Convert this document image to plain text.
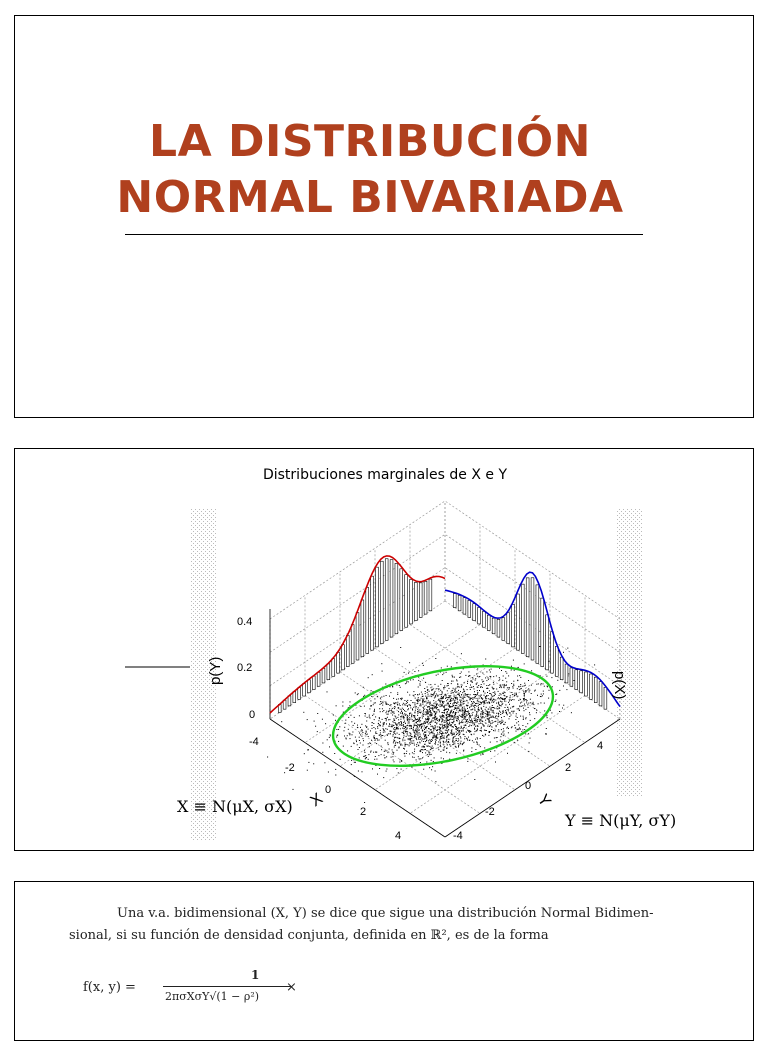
LA DISTRIBUCIÓN
NORMAL BIVARIADA
Distribuciones marginales de X e Y
0.4
0.2
0
-4
-2
0
2
4	-4
-2
0
2
4
X	Y
p(Y)
p(X)
X ≡ N(μX, σX)
Y ≡ N(μY, σY)
Una v.a. bidimensional (X, Y) se dice que sigue una distribución Normal Bidimen-
sional, si su función de densidad conjunta, definida en ℝ², es de la forma
f(x, y) =
1
2πσXσY√(1 − ρ²)
×
